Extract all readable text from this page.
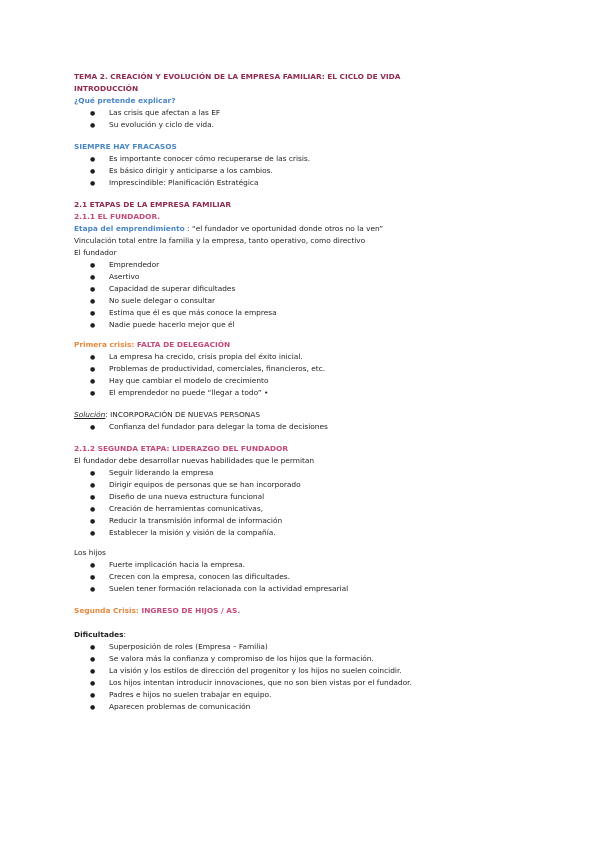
TEMA 2. CREACIÓN Y EVOLUCIÓN DE LA EMPRESA FAMILIAR: EL CICLO DE VIDA
INTRODUCCIÓN
¿Qué pretende explicar?
● Las crisis que afectan a las EF
● Su evolución y ciclo de vida.
SIEMPRE HAY FRACASOS
● Es importante conocer cómo recuperarse de las crisis.
● Es básico dirigir y anticiparse a los cambios.
● Imprescindible: Planificación Estratégica
2.1 ETAPAS DE LA EMPRESA FAMILIAR
2.1.1 EL FUNDADOR.
Etapa del emprendimiento : “el fundador ve oportunidad donde otros no la ven”
Vinculación total entre la familia y la empresa, tanto operativo, como directivo
El fundador
● Emprendedor
● Asertivo
● Capacidad de superar dificultades
● No suele delegar o consultar
● Estima que él es que más conoce la empresa
● Nadie puede hacerlo mejor que él
Primera crisis: FALTA DE DELEGACIÓN
● La empresa ha crecido, crisis propia del éxito inicial.
● Problemas de productividad, comerciales, financieros, etc.
● Hay que cambiar el modelo de crecimiento
● El emprendedor no puede “llegar a todo” •
Solución: INCORPORACIÓN DE NUEVAS PERSONAS
● Confianza del fundador para delegar la toma de decisiones
2.1.2 SEGUNDA ETAPA: LIDERAZGO DEL FUNDADOR
El fundador debe desarrollar nuevas habilidades que le permitan
● Seguir liderando la empresa
● Dirigir equipos de personas que se han incorporado
● Diseño de una nueva estructura funcional
● Creación de herramientas comunicativas,
● Reducir la transmisión informal de información
● Establecer la misión y visión de la compañía.
Los hijos
● Fuerte implicación hacia la empresa.
● Crecen con la empresa, conocen las dificultades.
● Suelen tener formación relacionada con la actividad empresarial
Segunda Crisis: INGRESO DE HIJOS / AS.
Dificultades:
● Superposición de roles (Empresa – Familia)
● Se valora más la confianza y compromiso de los hijos que la formación.
● La visión y los estilos de dirección del progenitor y los hijos no suelen coincidir.
● Los hijos intentan introducir innovaciones, que no son bien vistas por el fundador.
● Padres e hijos no suelen trabajar en equipo.
● Aparecen problemas de comunicación
